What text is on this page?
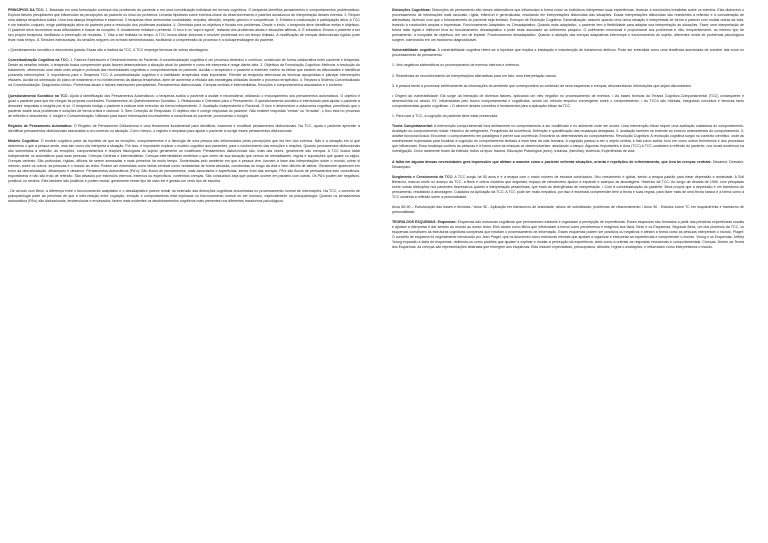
PRINCÍPIOS DA TCC: 1. Baseada em uma formulação contínua dos problemas do paciente e em uma conceituação individual em termos cognitivos. O terapeuta identifica pensamentos e comportamentos problemáticos. Explora fatores precipitantes que influenciam as percepções do paciente no início do problema. Levanta hipóteses sobre eventos-chave do desenvolvimento e padrões duradouros de interpretação desses eventos. 2. Requer uma aliança terapêutica sólida. Uma boa aliança terapêutica é essencial. O terapeuta deve demonstrar cordialidade, empatia, atenção, respeito genuíno e competência. 3. Enfatiza a colaboração e participação ativa. A TCC é um trabalho conjunto, exige participação ativa do paciente para a resolução dos problemas avaliados. 4. Orientada para os objetivos e focada nos problemas. Desde o início, o terapeuta deve identificar metas e objetivos. O paciente deve reconhecer suas dificuldades e buscar as soluções. 5. Inicialmente enfatiza o presente. O foco é no "aqui e agora", tratando dos problemas atuais e situações aflitivas. 6. É educativa. Ensina o paciente a ser seu próprio terapeuta, facilitando a prevenção de recaídas. 7. Visa a ser limitada no tempo. A TCC busca aliviar sintomas e resolver problemas em um tempo limitado. A modificação de crenças disfuncionais rígidas pode levar mais tempo. 8. Sessões estruturadas. As sessões seguem um formato semiestruturado, facilitando a compreensão do processo e a autoaprendizagem do paciente.
• Questionamento socrático e descoberta guiada: Essas são a malícia da TCC, A TCC emprega técnicas de outras abordagens.
Conceitualização Cognitiva na TCC: 1. Fatores Estressores e Desenvolvimento do Paciente: A conceitualização cognitiva é um processo dinâmico e contínuo, construído de forma colaborativa entre paciente e terapeuta. Desde as sessões iniciais, o terapeuta busca compreender quais fatores desencadeiam a situação atual do paciente e como ele interpreta e reage diante dela. 2. Objetivos da Formulação Cognitiva: Melhorar a resolução do tratamento, oferecendo uma visão mais ampla e profunda das necessidades cognitivas e comportamentais do paciente. Auxiliar o terapeuta e o paciente a entender melhor as falhas que existem as dificuldades e identificar possíveis intervenções. 3. Importância para o Terapeuta TCC: A conceitualização cognitiva é a habilidade terapêutica mais importante. Permite ao terapeuta selecionar as técnicas apropriadas e planejar intervenções eficazes. Auxilia na orientação do plano de tratamento e no fortalecimento da aliança terapêutica, além de aumentar a eficácia das estratégias utilizadas durante o processo terapêutico. 4. Reparar a Sistema Conceitualizado na Conceitualização: Diagnóstico clínico, Problemas atuais e fatores estressores precipitantes, Pensamentos disfuncionais, Crenças centrais e intermediárias, Emoções e comportamentos associados e o contexto.
Questionamento Socrático na TCC: Ajuda a identificação dos Pensamentos Automáticos: o terapeuta auxilia o paciente a avaliar e reconsiderar, utilizando o encorajamento dos pensamentos automáticos. O objetivo é guiar o paciente para que ele chegue às próprias conclusões. Fundamentos do Questionamento Socrático: 1. Relacionado e Orientado para o Pensamento: O questionamento socrático é estruturado para ajudar o paciente a descobrir respostas e insights por si só. O terapeuta instiga o paciente a realizar este exercício de forma independente. 2. Avaliação Independente e Racional: O foco é desenvolver a autonomia cognitiva, permitindo que o paciente avalie seus problemas e soluções de forma crítica e racional. 3. Sem Correção de Respostas: O objetivo não é corrigir respostas do paciente. Não existem respostas "certas" ou "erradas", o foco está no processo de reflexão e descoberta. 4. Insight e Conscientização: Utilizado para trazer informações inconscientes à consciência do paciente, promovendo o insight.
Registro de Pensamento Automático: O Registro de Pensamento Disfuncional é uma ferramenta fundamental para identificar, examinar e modificar pensamentos disfuncionais. Na TCC, ajuda o paciente aprender a identificar pensamentos disfuncionais associados a um contexto ou situação. Com o tempo, o registro é ampliado para ajudar o paciente a corrigir esses pensamentos disfuncionais.
Modelo Cognitivo: O modelo cognitivo parte da hipótese de que as emoções, comportamentos e a fisiologia de uma pessoa são influenciados pelas percepções que ela tem dos eventos. Não é a situação em si que determina o que a pessoa sente, mas sim como ela interpreta a situação. Por isso, é importante explicar o modelo cognitivo aos pacientes, para o conhecimento das emoções e reações. Quando pensamentos disfuncionais são submetidos à reflexão, as emoções, comportamentos e reações fisiológicas do sujeito geralmente se modificam. Pensamentos disfuncionais são, mais das vezes, geralmente são crenças. A TCC busca tratar independente os automáticos para suas pessoas. Crenças Centrais e Intermediárias: Crenças intermediárias medeiam o que cerne de sua situação que vemos de mentalidades, regras e suposições que quase ou siglos. Crenças centrais: São profundas, rígidas, difíceis de serem acessadas e mais primeiros há muito tempo. Sustentadas pelo ambiente em que a pessoa vive, formam a base das interpretações sobre o mundo, sobre si mesmo, sobre os outros, as pessoas e o mundo ao redor. Podem ser entendidas como ideias centrais como verdadeiras de forma absoluta, construídas ao longo da vida e bem difíceis de alterar. Geralmente aparecem em torno da desvalorização, desamparo e desamor. Pensamentos Automáticos (PA's): São fluxos de pensamentos, mais associados e superficiais, sendo fruto das crenças. PA's são fluxos de pensamentos sem consciência, espontâneos e não são fruto de reflexão. São ativados por estímulos internos, externos ou específicos, conferindo crenças. São conduzidos seja que possam ocorrer em paralelo com outras. Os PA's podem ser negativos, positivos ou neutros. Eles também são positivos e podem mudar, geralmente nesse tipo de caso ele é gerado um certo tipo de escolha.
- De acordo com Beck, a diferença entre o funcionamento adaptativo e o desadaptativo parece residir na extensão das distorções cognitivas encontradas no processamento normal de informações. Na TCC, o conceito de psicopatologia parte da premissa de que a inter-relação entre cognição, emoção e comportamento está implicada no funcionamento normal do ser humano, especialmente na psicopatologia. Quando os pensamentos automáticos (PA's) são disfuncionais, tendenciosos e enviesados, fazem mais evidentes os desdobramentos cognitivos mais presentes nos diferentes transtornos psicológicos.
Distorções Cognitivas: Distorções de pensamento são vieses sistemáticos que influenciam a forma como os indivíduos interpretam suas experiências, levando a conclusões irrealistas sobre os eventos. Elas distorcem o processamento de informações mais racionais, rígida, inflexível e generalizada, resultando em interpretações distorcidas das situações. Essas interpretações distorcidas são resistentes a reflexão e à consideração de alternativas, fazendo com que o funcionamento do paciente seja limitado. Exemplo de Distorção Cognitiva: Generalização: assumir quando uma única situação é interpretada de forma a parecer com muitas outras da vida, levando a conclusões amplas e imprecisas. Funcionamento Adaptativo vs. Desadaptativo: Quando mais adaptativo, o paciente tem a flexibilidade para adaptar sua interpretação às situações. Fazer uma interpretação de forma mais rígida e inflexível leva ao funcionamento desadaptativo e pode estar associado ao sofrimento psíquico. O sofrimento emocional é proporcional aos problemas e não, frequentemente, ao mesmo tipo de pensamento, a conquista de objetivos, em vez de impedir. Funcionamento desadaptativo: Quando a ativação das crenças adaptativas interrompe o funcionamento do sujeito, diferentes níveis de problemas psicológicos surgem, culminando em um transtorno diagnosticável.
Vulnerabilidade cognitiva: A vulnerabilidade cognitiva refere-se à hipótese que implica a instalação e manutenção de transtornos afetivos. Pode ser entendida como uma tendência aumentada de cometer tais erros no processamento de pensamento.
1. Veis negativos sistemáticos no processamento de eventos internos e externos.
2. Resistência ao reconhecimento de interpretações alternativas para um fato; uma interpretação causal.
3. A pessoa tende a processar seletivamente as informações do ambiente que correspondem ao conteúdo de seus esquemas e crenças, desvalorizando informações que sejam discordantes.
• Origem da vulnerabilidade: Ela surge da interação de diversos fatores, aplicando um viés negativo no processamento de eventos. • As bases teóricas da Terapia Cognitivo-Comportamental (TCC) consequente é desenvolvida no século XX, influenciadas pelo tronco comportamental e cognitivista, sendo um método empírico convergente sobre o comportamento. • As TCCs são híbridas, integrando conceitos e técnicas tanto comportamentais quanto cognitivas. • O alicerce desses conceitos é fundamental para a aplicação eficaz da TCC.
1. Para usar a TCC, a cognição do paciente deve estar preservada.
Teoria Comportamental: A intervenção comportamental foca diretamente no comportamento a ser modificado e no ambiente onde ele ocorre. Uma intervenção eficaz requer uma avaliação cuidadosa do comportamento. Avaliação do comportamento inicial: Histórico de refrigerante, Frequência da ocorrência, Definição e quantificação das mudanças desejadas, 3. avaliação também se estende ao entorno antecedentes do comportamento. 3. análise funcional busca: Encontrar o comportamento em paradigma e prever sua ocorrência, Encontrar os determinantes do comportamento. Revolução Cognitiva: A revolução cognitiva surgiu no contexto científico, onde as maximizaram exploradas para focalizar a cognição do comportamento limitado a essa fase da vida humana. A cognição passou a ser o objeto central, e tida como aceita: foco em como outros fenômenos e dos processos que influenciam. Essa mudança conferiu às pessoas e à forma como as crianças se desenvolveriam, ampliando o campo. Algumas Importantes à Uma (TCC) A TCC considera a reflexão do paciente, nos locais modernos na investigação. Cinco raramente foram da infância, todos os tipos: trauma, Educação Psicológica (sexo), traumas, (famílias), violência, Experiências de vida.
A falha em alguma dessas necessidades gera impressões que afetam a maneira como o paciente enfrenta situações, orienta e repetições de enfrentamento, que leva às crenças centrais: Desamor, Desvalor, Desamparo.
Surgimento e Crescimento da TCC: A TCC surgiu há 50 anos e é a terapia com o maior número de estudos controlados. Seu crescimento é global, sendo a terapia padrão para tratar depressão e ansiedade. A Soil Behavior, marcou muito no avanço da TCC, a Beck e outros modelos que seguiram, espaço de crescimento ajudou a expandir e avançou as abordagens. Histórico da TCC: Ao longo da década de 1960, com pesquisas sobre outras distorções nos pacientes depressivos quanto a interpretação pessimistas, que eram as divergências de interpretação. • Com a conceitualização do paciente, Beck propôs que a depressão é um transtorno do pensamento, resultando a abordagem. Cuidados na Aplicação da TCC: A TCC pode ser muito empática, por isso é essencial compreender bem a teoria e suas regras, para fazer mais de uma teoria básica e a forma como a TCC sustenta a reflexão sobre a personalidade.
Anos 80-90 – Estruturação das bases e técnicas / Anos 90 - Aplicação em transtornos de ansiedade, abuso de substâncias, problemas de relacionamento / Anos 90 - Estudos sobre TC em esquizofrenia e transtorno de personalidade.
TEORIA DOS ESQUEMAS: Esquemas: Esquemas são estruturas cognitivas que permanecem estáveis e organizam a percepção de experiências. Esses esquemas são formados a partir das primeiras experiências sociais e ajudam a interpretar e dar sentido ao mundo ao nosso redor. Eles atuam como filtros que influenciam a forma como percebemos e reagimos aos fatos. Beck e os Esquemas: Segundo Beck, um dos pioneiros da TCC, os esquemas constituem as estruturas cognitivas complexas que mediam o processamento de informação. Esses esquemas podem ser positivos ou negativos e afetam a forma como as pessoas interpretam o mundo. Piaget: O conceito de esquema foi originalmente introduzido por Jean Piaget, que os descreveu como estruturas mentais que ajudam a organizar e interpretar as experiências e compreender o mundo. Young e os Esquemas: Jeffrey Young expandiu a ideia de esquemas, definindo-os como padrões que ajudam a explicar e moldar a percepção da experiência, tanto como a orientar as respostas emocionais e comportamentais. Crenças: Dentro da Teoria dos Esquemas, as crenças são representações abstratas que emergem dos esquemas. Elas incluem expectativas, pressupostos, atitudes, regras e avaliações, e influenciam como interpretamos o mundo.
